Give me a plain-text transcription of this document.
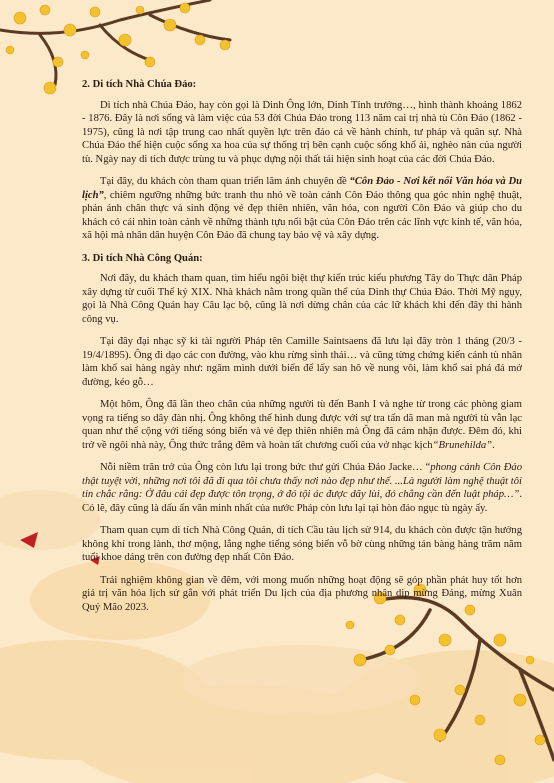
2. Di tích Nhà Chúa Đảo:

Di tích nhà Chúa Đảo, hay còn gọi là Dinh Ông lớn, Dinh Tỉnh trưởng…, hình thành khoảng 1862 - 1876. Đây là nơi sống và làm việc của 53 đời Chúa Đảo trong 113 năm cai trị nhà tù Côn Đảo (1862 - 1975), cũng là nơi tập trung cao nhất quyền lực trên đảo cả về hành chính, tư pháp và quân sự. Nhà Chúa Đảo thể hiện cuộc sống xa hoa của sự thống trị bên cạnh cuộc sống khổ ải, nghèo nàn của người tù. Ngày nay di tích được trùng tu và phục dựng nội thất tái hiện sinh hoạt của các đời Chúa Đảo.

Tại đây, du khách còn tham quan triển lãm ảnh chuyên đề “Côn Đảo - Nơi kết nối Văn hóa và Du lịch”, chiêm ngưỡng những bức tranh thu nhỏ về toàn cảnh Côn Đảo thông qua góc nhìn nghệ thuật, phản ánh chân thực và sinh động vẻ đẹp thiên nhiên, văn hóa, con người Côn Đảo và giúp cho du khách có cái nhìn toàn cảnh về những thành tựu nổi bật của Côn Đảo trên các lĩnh vực kinh tế, văn hóa, xã hội mà nhân dân huyện Côn Đảo đã chung tay bảo vệ và xây dựng.

3. Di tích Nhà Công Quán:

Nơi đây, du khách tham quan, tìm hiểu ngôi biệt thự kiến trúc kiểu phương Tây do Thực dân Pháp xây dựng từ cuối Thế kỷ XIX. Nhà khách nằm trong quần thể của Dinh thự Chúa Đảo. Thời Mỹ ngụy, gọi là Nhà Công Quán hay Câu lạc bộ, cũng là nơi dừng chân của các lữ khách khi đến đây thi hành công vụ.

Tại đây đại nhạc sỹ kì tài người Pháp tên Camille Saintsaens đã lưu lại đây tròn 1 tháng (20/3 - 19/4/1895). Ông đi dạo các con đường, vào khu rừng sinh thái… và cũng từng chứng kiến cảnh tù nhân làm khổ sai hàng ngày như: ngâm mình dưới biển để lấy san hô về nung vôi, làm khổ sai phá đá mở đường, kéo gỗ…

Một hôm, Ông đã lần theo chân của những người tù đến Banh I và nghe từ trong các phòng giam vọng ra tiếng so dây đàn nhị. Ông không thể hình dung được với sự tra tấn dã man mà người tù vẫn lạc quan như thế cộng với tiếng sóng biển và vẻ đẹp thiên nhiên mà Ông đã cảm nhận được. Đêm đó, khi trở về ngôi nhà này, Ông thức trắng đêm và hoàn tất chương cuối của vở nhạc kịch“Brunehilda”.

Nỗi niềm trăn trở của Ông còn lưu lại trong bức thư gửi Chúa Đảo Jacke… “phong cảnh Côn Đảo thật tuyệt vời, những nơi tôi đã đi qua tôi chưa thấy nơi nào đẹp như thế. ...Là người làm nghệ thuật tôi tin chắc rằng: Ở đâu cái đẹp được tôn trọng, ở đó tội ác được dãy lùi, đó chẳng cần đến luật pháp…”. Có lẽ, đây cũng là dấu ấn văn minh nhất của nước Pháp còn lưu lại tại hòn đảo ngục tù ngày ấy.

Tham quan cụm di tích Nhà Công Quán, di tích Cầu tàu lịch sử 914, du khách còn được tận hưởng không khí trong lành, thơ mộng, lắng nghe tiếng sóng biển vỗ bờ cùng những tán bàng hàng trăm năm tuổi khoe dáng trên con đường đẹp nhất Côn Đảo.

Trải nghiệm không gian về đêm, với mong muốn những hoạt động sẽ góp phần phát huy tốt hơn giá trị văn hóa lịch sử gắn với phát triển Du lịch của địa phương nhân dịp mừng Đảng, mừng Xuân Quý Mão 2023.
